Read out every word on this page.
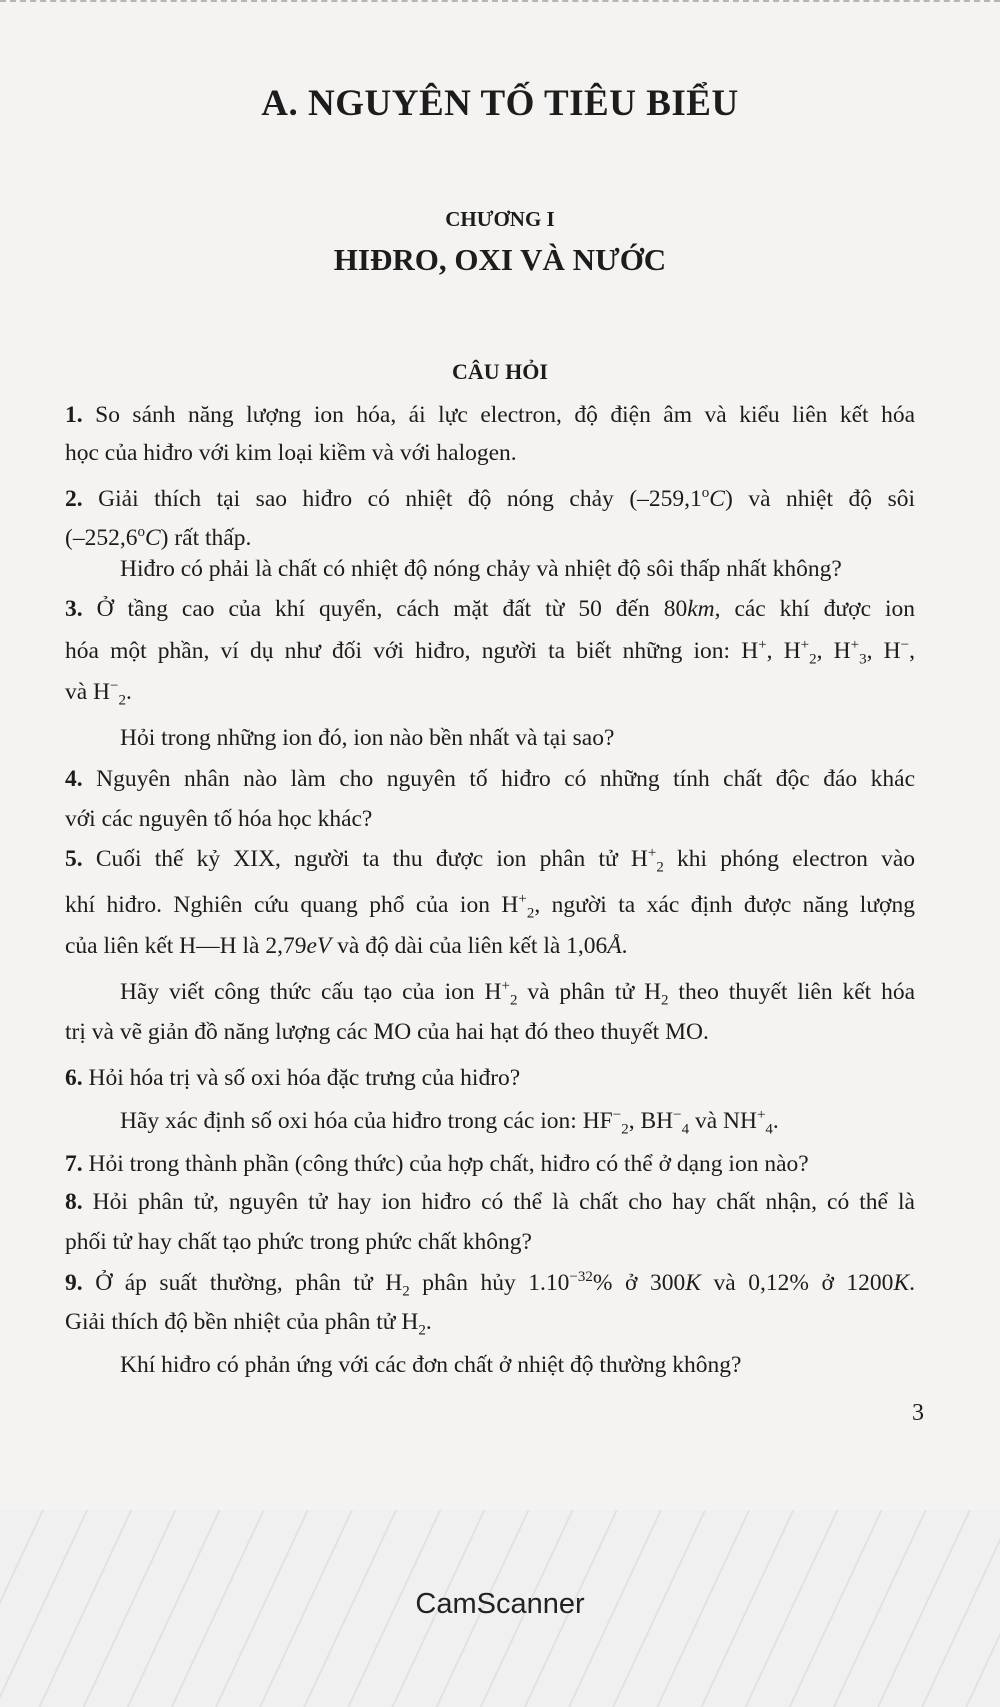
A. NGUYÊN TỐ TIÊU BIỂU
CHƯƠNG I
HIĐRO, OXI VÀ NƯỚC
CÂU HỎI
1. So sánh năng lượng ion hóa, ái lực electron, độ điện âm và kiểu liên kết hóa
học của hiđro với kim loại kiềm và với halogen.
2. Giải thích tại sao hiđro có nhiệt độ nóng chảy (–259,1$^o$C) và nhiệt độ sôi
(–252,6$^o$C) rất thấp.
Hiđro có phải là chất có nhiệt độ nóng chảy và nhiệt độ sôi thấp nhất không?
3. Ở tầng cao của khí quyển, cách mặt đất từ 50 đến 80km, các khí được ion
hóa một phần, ví dụ như đối với hiđro, người ta biết những ion: H+, $H^+_2$, $H^+_3$, H−,
và $H^-_2$.
Hỏi trong những ion đó, ion nào bền nhất và tại sao?
4. Nguyên nhân nào làm cho nguyên tố hiđro có những tính chất độc đáo khác
với các nguyên tố hóa học khác?
5. Cuối thế kỷ XIX, người ta thu được ion phân tử $H^+_2$ khi phóng electron vào
khí hiđro. Nghiên cứu quang phổ của ion $H^+_2$, người ta xác định được năng lượng
của liên kết H—H là 2,79eV và độ dài của liên kết là 1,06Å.
Hãy viết công thức cấu tạo của ion $H^+_2$ và phân tử $H_2$ theo thuyết liên kết hóa
trị và vẽ giản đồ năng lượng các MO của hai hạt đó theo thuyết MO.
6. Hỏi hóa trị và số oxi hóa đặc trưng của hiđro?
Hãy xác định số oxi hóa của hiđro trong các ion: $HF^-_2$, $BH^-_4$ và $NH^+_4$.
7. Hỏi trong thành phần (công thức) của hợp chất, hiđro có thể ở dạng ion nào?
8. Hỏi phân tử, nguyên tử hay ion hiđro có thể là chất cho hay chất nhận, có thể là
phối tử hay chất tạo phức trong phức chất không?
9. Ở áp suất thường, phân tử $H_2$ phân hủy $1.10^{-32}\%$ ở 300K và 0,12% ở 1200K.
Giải thích độ bền nhiệt của phân tử $H_2$.
Khí hiđro có phản ứng với các đơn chất ở nhiệt độ thường không?
3
CamScanner
